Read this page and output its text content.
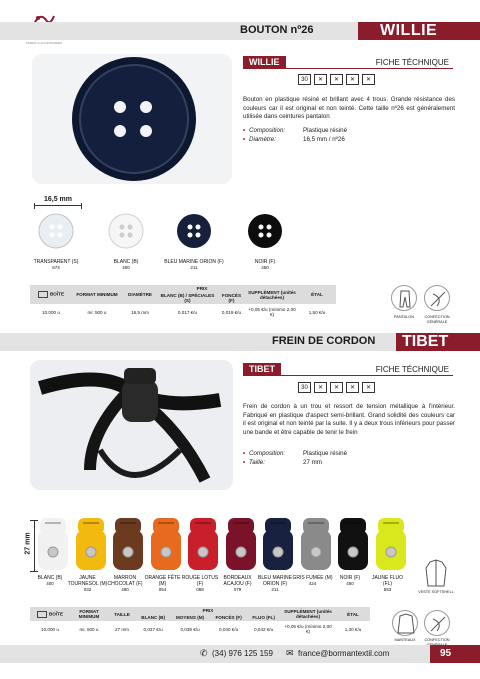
FABRIC & ACCESSORIES
BOUTON nº26	WILLIE
WILLIE	FICHE TÉCHNIQUE
30	✕	✕	✕	✕
Bouton en plastique résiné et brillant avec 4 trous. Grande résistance des couleurs car il est original et non teinté. Cette taille nº26 est généralement utilisée dans ceintures pantalon
• Composition:	Plastique résiné
• Diamètre:	16,5 mm / nº26
16,5 mm
TRANSPARENT (S)
674
BLANC (B)
400
BLEU MARINE ORION (F)
211
NOIR (F)
450
BOÎTE	FORMAT MINIMUM	DIAMÈTRE	PRIX		SUPPLÉMENT (unités détachées)	ÉTAL
			BLANC (B) / SPÉCIALES (S)	FONCÉS (F)		
10.000 u	mi: 500 u	16,5 mm	0,017 €/u	0,019 €/u	+0,05 €/u (mínimo 2,00 €)	1,50 €/u
PANTALON	CONFECTION GÉNÉRALE
FREIN DE CORDON TIBET
TIBET	FICHE TÉCHNIQUE
30	✕	✕	✕	✕
Frein de cordon à un trou et ressort de tension métallique à l'intérieur. Fabriqué en plastique d'aspect semi-brillant. Grand solidité des couleurs car il est original et non teinté par la suite. Il y a deux trous inférieurs pour passer une bande et être capable de tenir le frein
• Composition:	Plastique résiné
• Taille:	27 mm
27 mm
BLANC (B)
400
JAUNE TOURNESOL (M)
032
MARRON CHOCOLAT (F)
490
ORANGE FÊTE (M)
054
ROUGE LOTUS (F)
068
BORDEAUX ACAJOU (F)
079
BLEU MARINE ORION (F)
211
GRIS FUMÉE (M)
424
NOIR (F)
450
JAUNE FLUO (FL)
553	VESTE SOFTSHELL
MANTEAUX	CONFECTION
BOÎTE	FORMAT MINIMUM	TAILLE	PRIX				SUPPLÉMENT (unités détachées)	ÉTAL
			BLANC (B)	MOYENS (M)	FONCÉS (F)	FLUO (FL)		
10.000 u	mi: 500 u	27 mm	0,037 €/u	0,039 €/u	0,040 €/u	0,042 €/u	+0,05 €/u (mínimo 2,00 €)	1,30 €/u
✆ (34) 976 125 159 ✉ france@bormantextil.com	95
